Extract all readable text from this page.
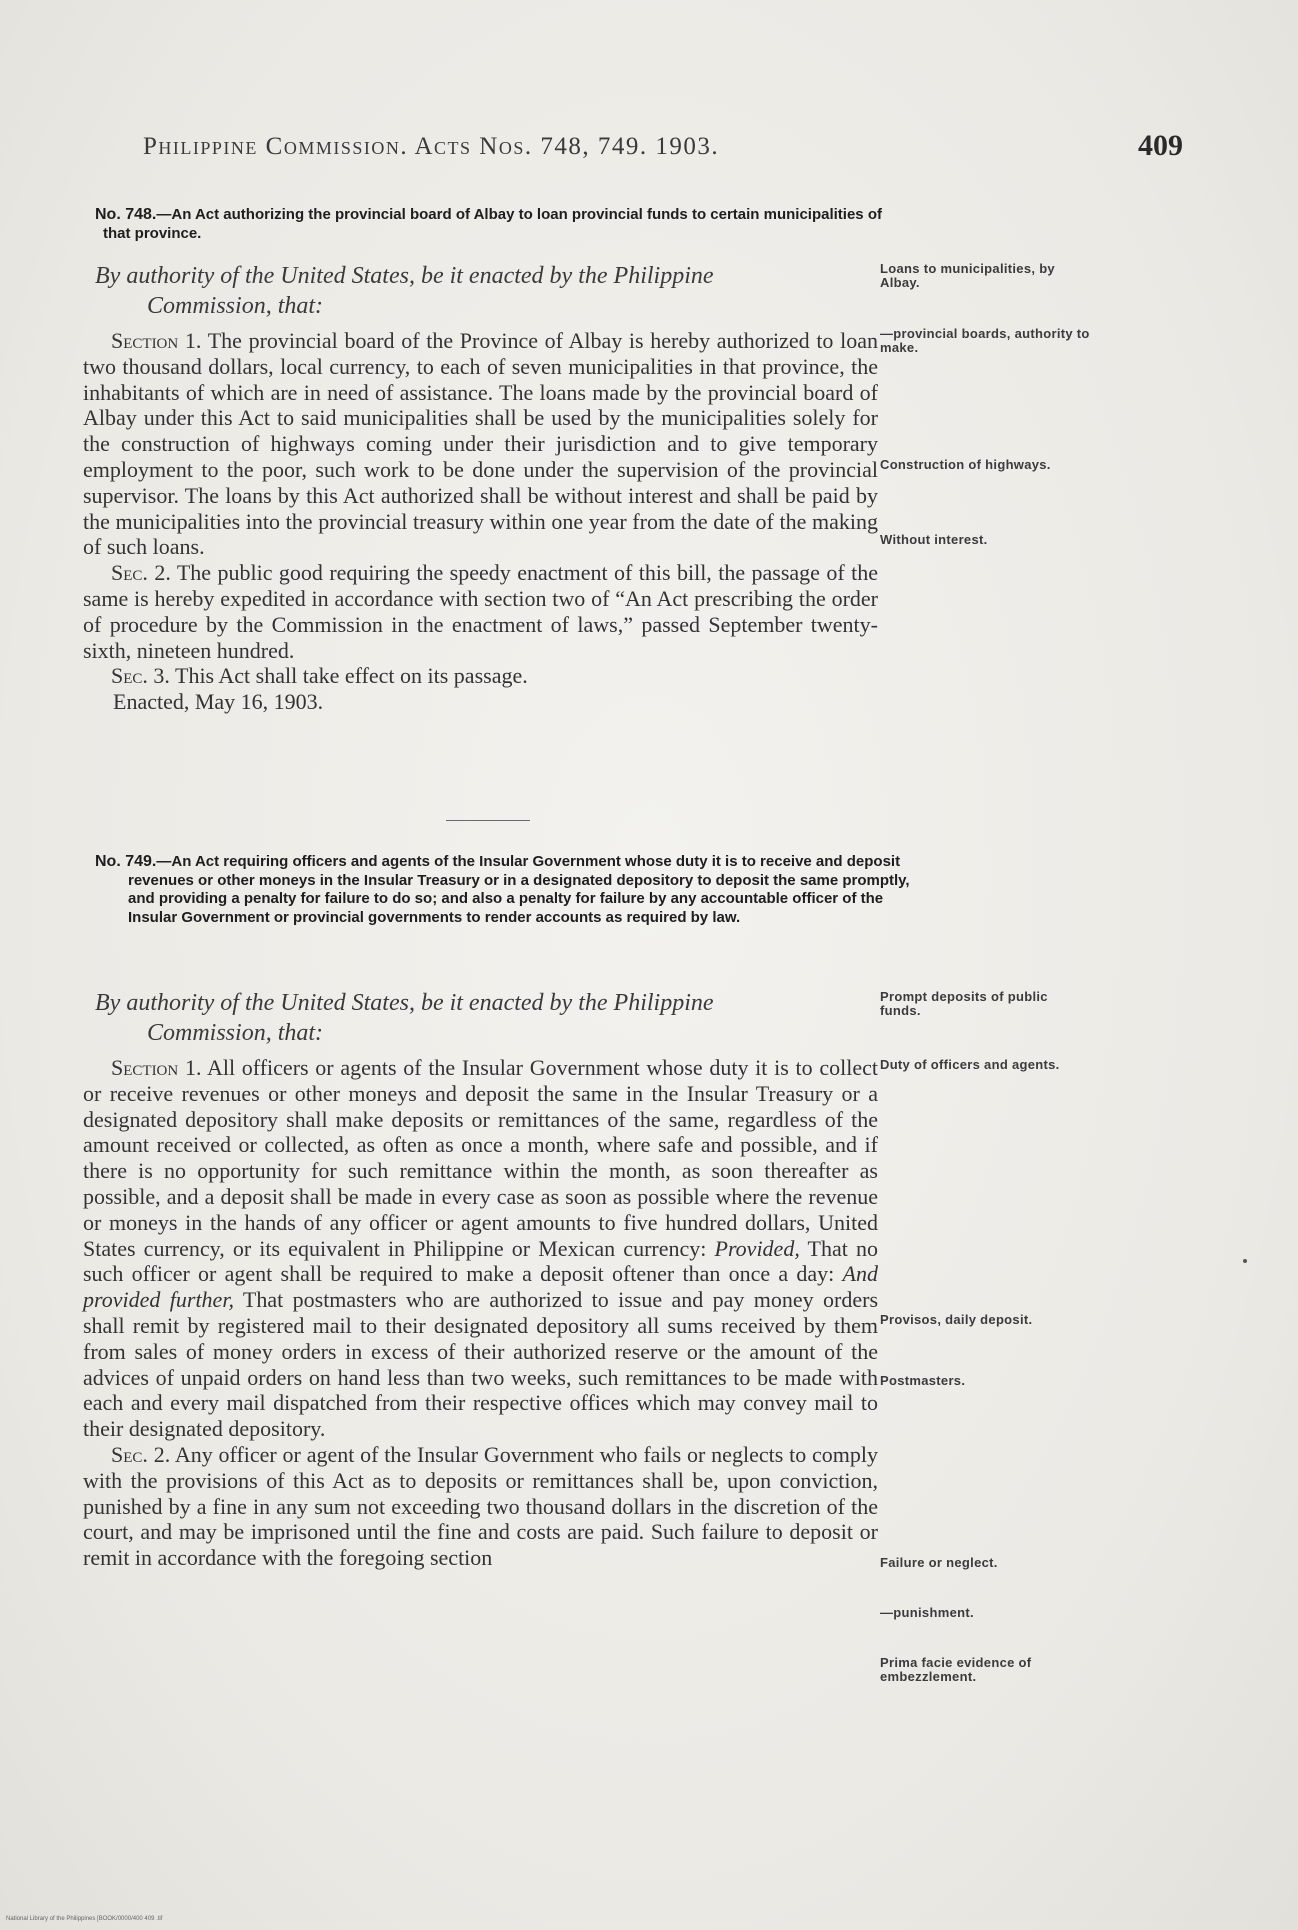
Philippine Commission. Acts Nos. 748, 749. 1903.	409
No. 748.—An Act authorizing the provincial board of Albay to loan provincial funds to certain municipalities of that province.
By authority of the United States, be it enacted by the Philippine
Commission, that:

Section 1. The provincial board of the Province of Albay is hereby authorized to loan two thousand dollars, local currency, to each of seven municipalities in that province, the inhabitants of which are in need of assistance. The loans made by the provincial board of Albay under this Act to said municipalities shall be used by the municipalities solely for the construction of highways coming under their jurisdiction and to give temporary employment to the poor, such work to be done under the supervision of the provincial supervisor. The loans by this Act authorized shall be without interest and shall be paid by the municipalities into the provincial treasury within one year from the date of the making of such loans.

Sec. 2. The public good requiring the speedy enactment of this bill, the passage of the same is hereby expedited in accordance with section two of “An Act prescribing the order of procedure by the Commission in the enactment of laws,” passed September twenty-sixth, nineteen hundred.

Sec. 3. This Act shall take effect on its passage.

Enacted, May 16, 1903.

Loans to municipalities, by Albay.
—provincial boards, authority to make.
Construction of highways.
Without interest.
No. 749.—An Act requiring officers and agents of the Insular Government whose duty it is to receive and deposit revenues or other moneys in the Insular Treasury or in a designated depository to deposit the same promptly, and providing a penalty for failure to do so; and also a penalty for failure by any accountable officer of the Insular Government or provincial governments to render accounts as required by law.
By authority of the United States, be it enacted by the Philippine
Commission, that:

Section 1. All officers or agents of the Insular Government whose duty it is to collect or receive revenues or other moneys and deposit the same in the Insular Treasury or a designated depository shall make deposits or remittances of the same, regardless of the amount received or collected, as often as once a month, where safe and possible, and if there is no opportunity for such remittance within the month, as soon thereafter as possible, and a deposit shall be made in every case as soon as possible where the revenue or moneys in the hands of any officer or agent amounts to five hundred dollars, United States currency, or its equivalent in Philippine or Mexican currency: Provided, That no such officer or agent shall be required to make a deposit oftener than once a day: And provided further, That postmasters who are authorized to issue and pay money orders shall remit by registered mail to their designated depository all sums received by them from sales of money orders in excess of their authorized reserve or the amount of the advices of unpaid orders on hand less than two weeks, such remittances to be made with each and every mail dispatched from their respective offices which may convey mail to their designated depository.

Sec. 2. Any officer or agent of the Insular Government who fails or neglects to comply with the provisions of this Act as to deposits or remittances shall be, upon conviction, punished by a fine in any sum not exceeding two thousand dollars in the discretion of the court, and may be imprisoned until the fine and costs are paid. Such failure to deposit or remit in accordance with the foregoing section

Prompt deposits of public funds.
Duty of officers and agents.
Provisos, daily deposit.
Postmasters.
Failure or neglect.
—punishment.
Prima facie evidence of embezzlement.
National Library of the Philippines [BOOK/0000/400 409 .tif
